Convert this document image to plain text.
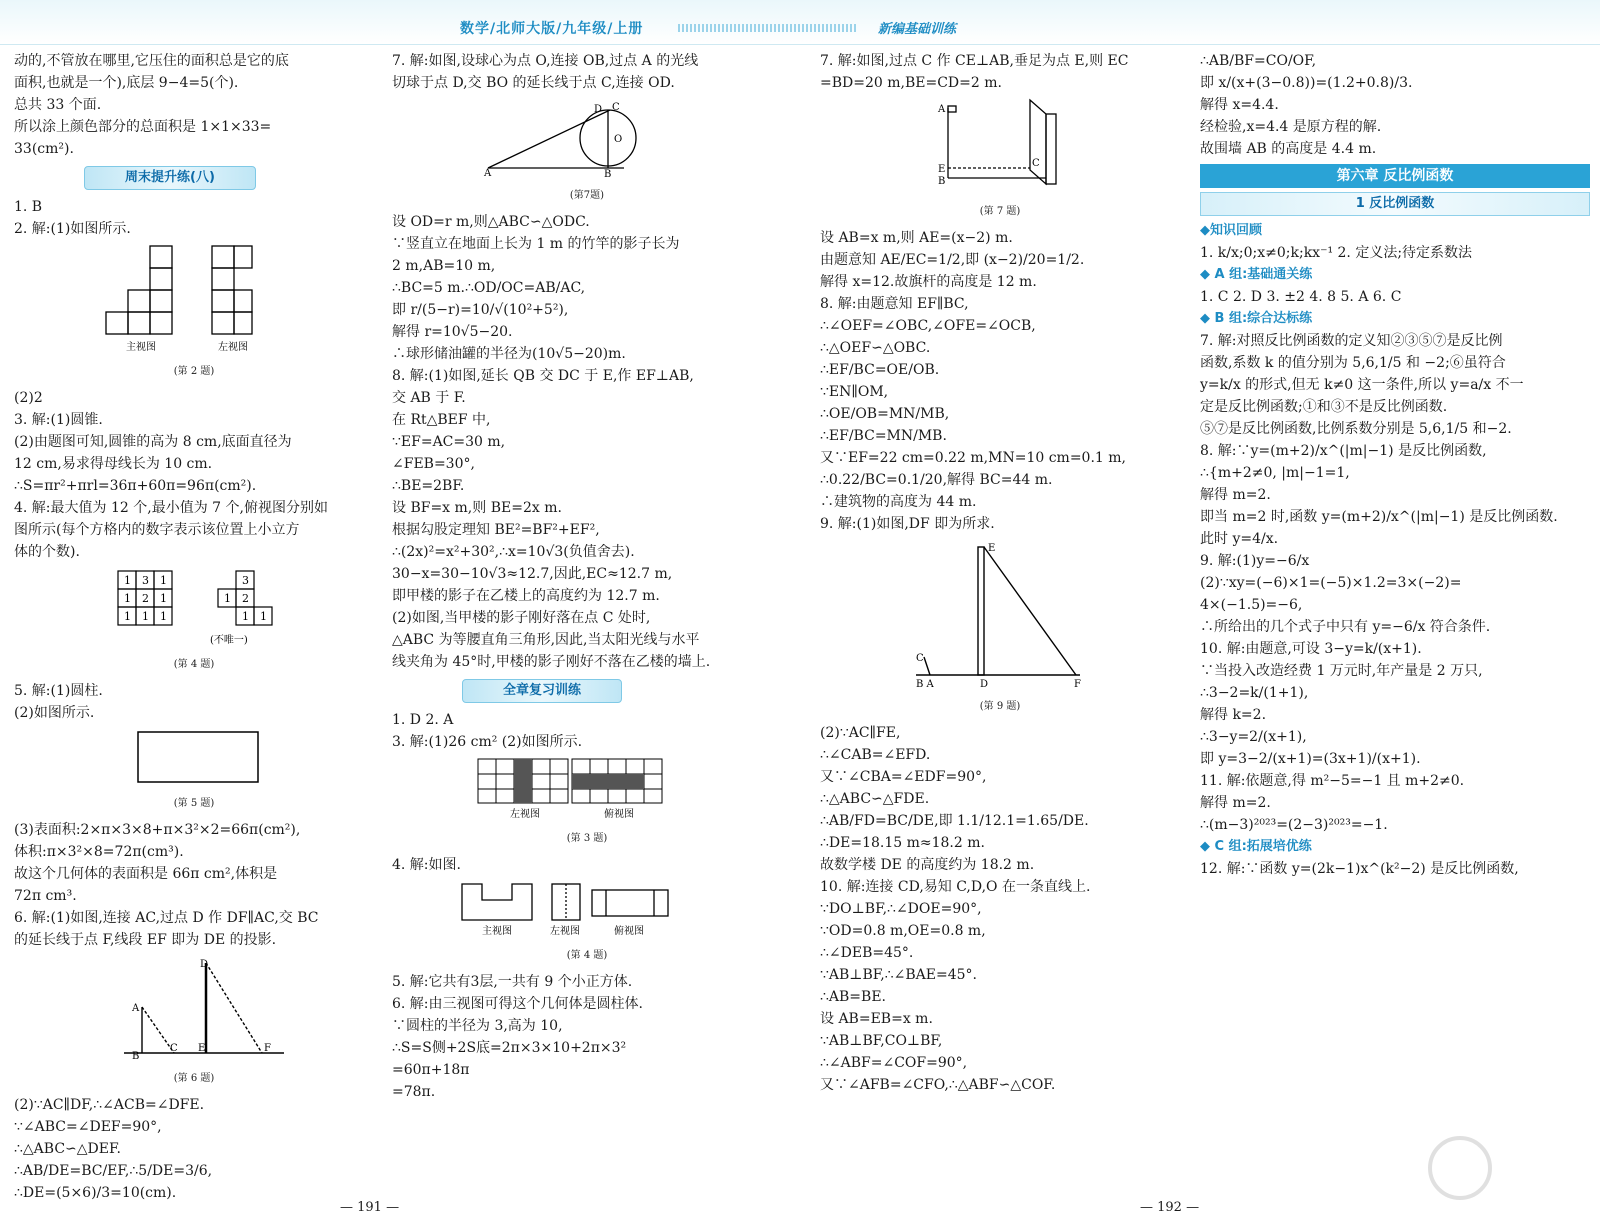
数学/北师大版/九年级/上册	新编基础训练

动的,不管放在哪里,它压住的面积总是它的底

面积,也就是一个),底层 9−4=5(个).

总共 33 个面.

所以涂上颜色部分的总面积是 1×1×33=

33(cm²).

周末提升练(八)

1. B

2. 解:(1)如图所示.

主视图	左视图
(第 2 题)

(2)2

3. 解:(1)圆锥.

(2)由题图可知,圆锥的高为 8 cm,底面直径为

12 cm,易求得母线长为 10 cm.

∴S=πr²+πrl=36π+60π=96π(cm²).

4. 解:最大值为 12 个,最小值为 7 个,俯视图分别如

图所示(每个方格内的数字表示该位置上小立方

体的个数).

1 3 1
1 2 1
1 1 1
3
1 2
1 1
(不唯一)
(第 4 题)

5. 解:(1)圆柱.

(2)如图所示.

(第 5 题)

(3)表面积:2×π×3×8+π×3²×2=66π(cm²),

体积:π×3²×8=72π(cm³).

故这个几何体的表面积是 66π cm²,体积是

72π cm³.

6. 解:(1)如图,连接 AC,过点 D 作 DF∥AC,交 BC

的延长线于点 F,线段 EF 即为 DE 的投影.

A
B
C
D
E	F
(第 6 题)

(2)∵AC∥DF,∴∠ACB=∠DFE.

∵∠ABC=∠DEF=90°,

∴△ABC∽△DEF.

∴AB/DE=BC/EF,∴5/DE=3/6,

∴DE=(5×6)/3=10(cm).

7. 解:如图,设球心为点 O,连接 OB,过点 A 的光线

切球于点 D,交 BO 的延长线于点 C,连接 OD.

A	B
C
D
O
(第7题)

设 OD=r m,则△ABC∽△ODC.

∵竖直立在地面上长为 1 m 的竹竿的影子长为

2 m,AB=10 m,

∴BC=5 m.∴OD/OC=AB/AC,

即 r/(5−r)=10/√(10²+5²),

解得 r=10√5−20.

∴球形储油罐的半径为(10√5−20)m.

8. 解:(1)如图,延长 QB 交 DC 于 E,作 EF⊥AB,

交 AB 于 F.

在 Rt△BEF 中,

∵EF=AC=30 m,

∠FEB=30°,

∴BE=2BF.

设 BF=x m,则 BE=2x m.

根据勾股定理知 BE²=BF²+EF²,

∴(2x)²=x²+30²,∴x=10√3(负值舍去).

30−x=30−10√3≈12.7,因此,EC≈12.7 m,

即甲楼的影子在乙楼上的高度约为 12.7 m.

(2)如图,当甲楼的影子刚好落在点 C 处时,

△ABC 为等腰直角三角形,因此,当太阳光线与水平

线夹角为 45°时,甲楼的影子刚好不落在乙楼的墙上.

全章复习训练

1. D 2. A

3. 解:(1)26 cm² (2)如图所示.

左视图	俯视图
(第 3 题)

4. 解:如图.

主视图	左视图	俯视图
(第 4 题)

5. 解:它共有3层,一共有 9 个小正方体.

6. 解:由三视图可得这个几何体是圆柱体.

∵圆柱的半径为 3,高为 10,

∴S=S侧+2S底=2π×3×10+2π×3²

=60π+18π

=78π.

7. 解:如图,过点 C 作 CE⊥AB,垂足为点 E,则 EC

=BD=20 m,BE=CD=2 m.

A
E
B
C
(第 7 题)

设 AB=x m,则 AE=(x−2) m.

由题意知 AE/EC=1/2,即 (x−2)/20=1/2.

解得 x=12.故旗杆的高度是 12 m.

8. 解:由题意知 EF∥BC,

∴∠OEF=∠OBC,∠OFE=∠OCB,

∴△OEF∽△OBC.

∴EF/BC=OE/OB.

∵EN∥OM,

∴OE/OB=MN/MB,

∴EF/BC=MN/MB.

又∵EF=22 cm=0.22 m,MN=10 cm=0.1 m,

∴0.22/BC=0.1/20,解得 BC=44 m.

∴建筑物的高度为 44 m.

9. 解:(1)如图,DF 即为所求.

B A	D
E
F
C
(第 9 题)

(2)∵AC∥FE,

∴∠CAB=∠EFD.

又∵∠CBA=∠EDF=90°,

∴△ABC∽△FDE.

∴AB/FD=BC/DE,即 1.1/12.1=1.65/DE.

∴DE=18.15 m≈18.2 m.

故数学楼 DE 的高度约为 18.2 m.

10. 解:连接 CD,易知 C,D,O 在一条直线上.

∵DO⊥BF,∴∠DOE=90°,

∵OD=0.8 m,OE=0.8 m,

∴∠DEB=45°.

∵AB⊥BF,∴∠BAE=45°.

∴AB=BE.

设 AB=EB=x m.

∵AB⊥BF,CO⊥BF,

∴∠ABF=∠COF=90°,

又∵∠AFB=∠CFO,∴△ABF∽△COF.

∴AB/BF=CO/OF,

即 x/(x+(3−0.8))=(1.2+0.8)/3.

解得 x=4.4.

经检验,x=4.4 是原方程的解.

故围墙 AB 的高度是 4.4 m.

第六章 反比例函数
1 反比例函数

◆知识回顾

1. k/x;0;x≠0;k;kx⁻¹ 2. 定义法;待定系数法

◆ A 组:基础通关练

1. C 2. D 3. ±2 4. 8 5. A 6. C

◆ B 组:综合达标练

7. 解:对照反比例函数的定义知②③⑤⑦是反比例

函数,系数 k 的值分别为 5,6,1/5 和 −2;⑥虽符合

y=k/x 的形式,但无 k≠0 这一条件,所以 y=a/x 不一

定是反比例函数;①和③不是反比例函数.

⑤⑦是反比例函数,比例系数分别是 5,6,1/5 和−2.

8. 解:∵y=(m+2)/x^(|m|−1) 是反比例函数,

∴{m+2≠0, |m|−1=1,

解得 m=2.

即当 m=2 时,函数 y=(m+2)/x^(|m|−1) 是反比例函数.

此时 y=4/x.

9. 解:(1)y=−6/x

(2)∵xy=(−6)×1=(−5)×1.2=3×(−2)=

4×(−1.5)=−6,

∴所给出的几个式子中只有 y=−6/x 符合条件.

10. 解:由题意,可设 3−y=k/(x+1).

∵当投入改造经费 1 万元时,年产量是 2 万只,

∴3−2=k/(1+1),

解得 k=2.

∴3−y=2/(x+1),

即 y=3−2/(x+1)=(3x+1)/(x+1).

11. 解:依题意,得 m²−5=−1 且 m+2≠0.

解得 m=2.

∴(m−3)²⁰²³=(2−3)²⁰²³=−1.

◆ C 组:拓展培优练

12. 解:∵函数 y=(2k−1)x^(k²−2) 是反比例函数,

— 191 —	— 192 —
